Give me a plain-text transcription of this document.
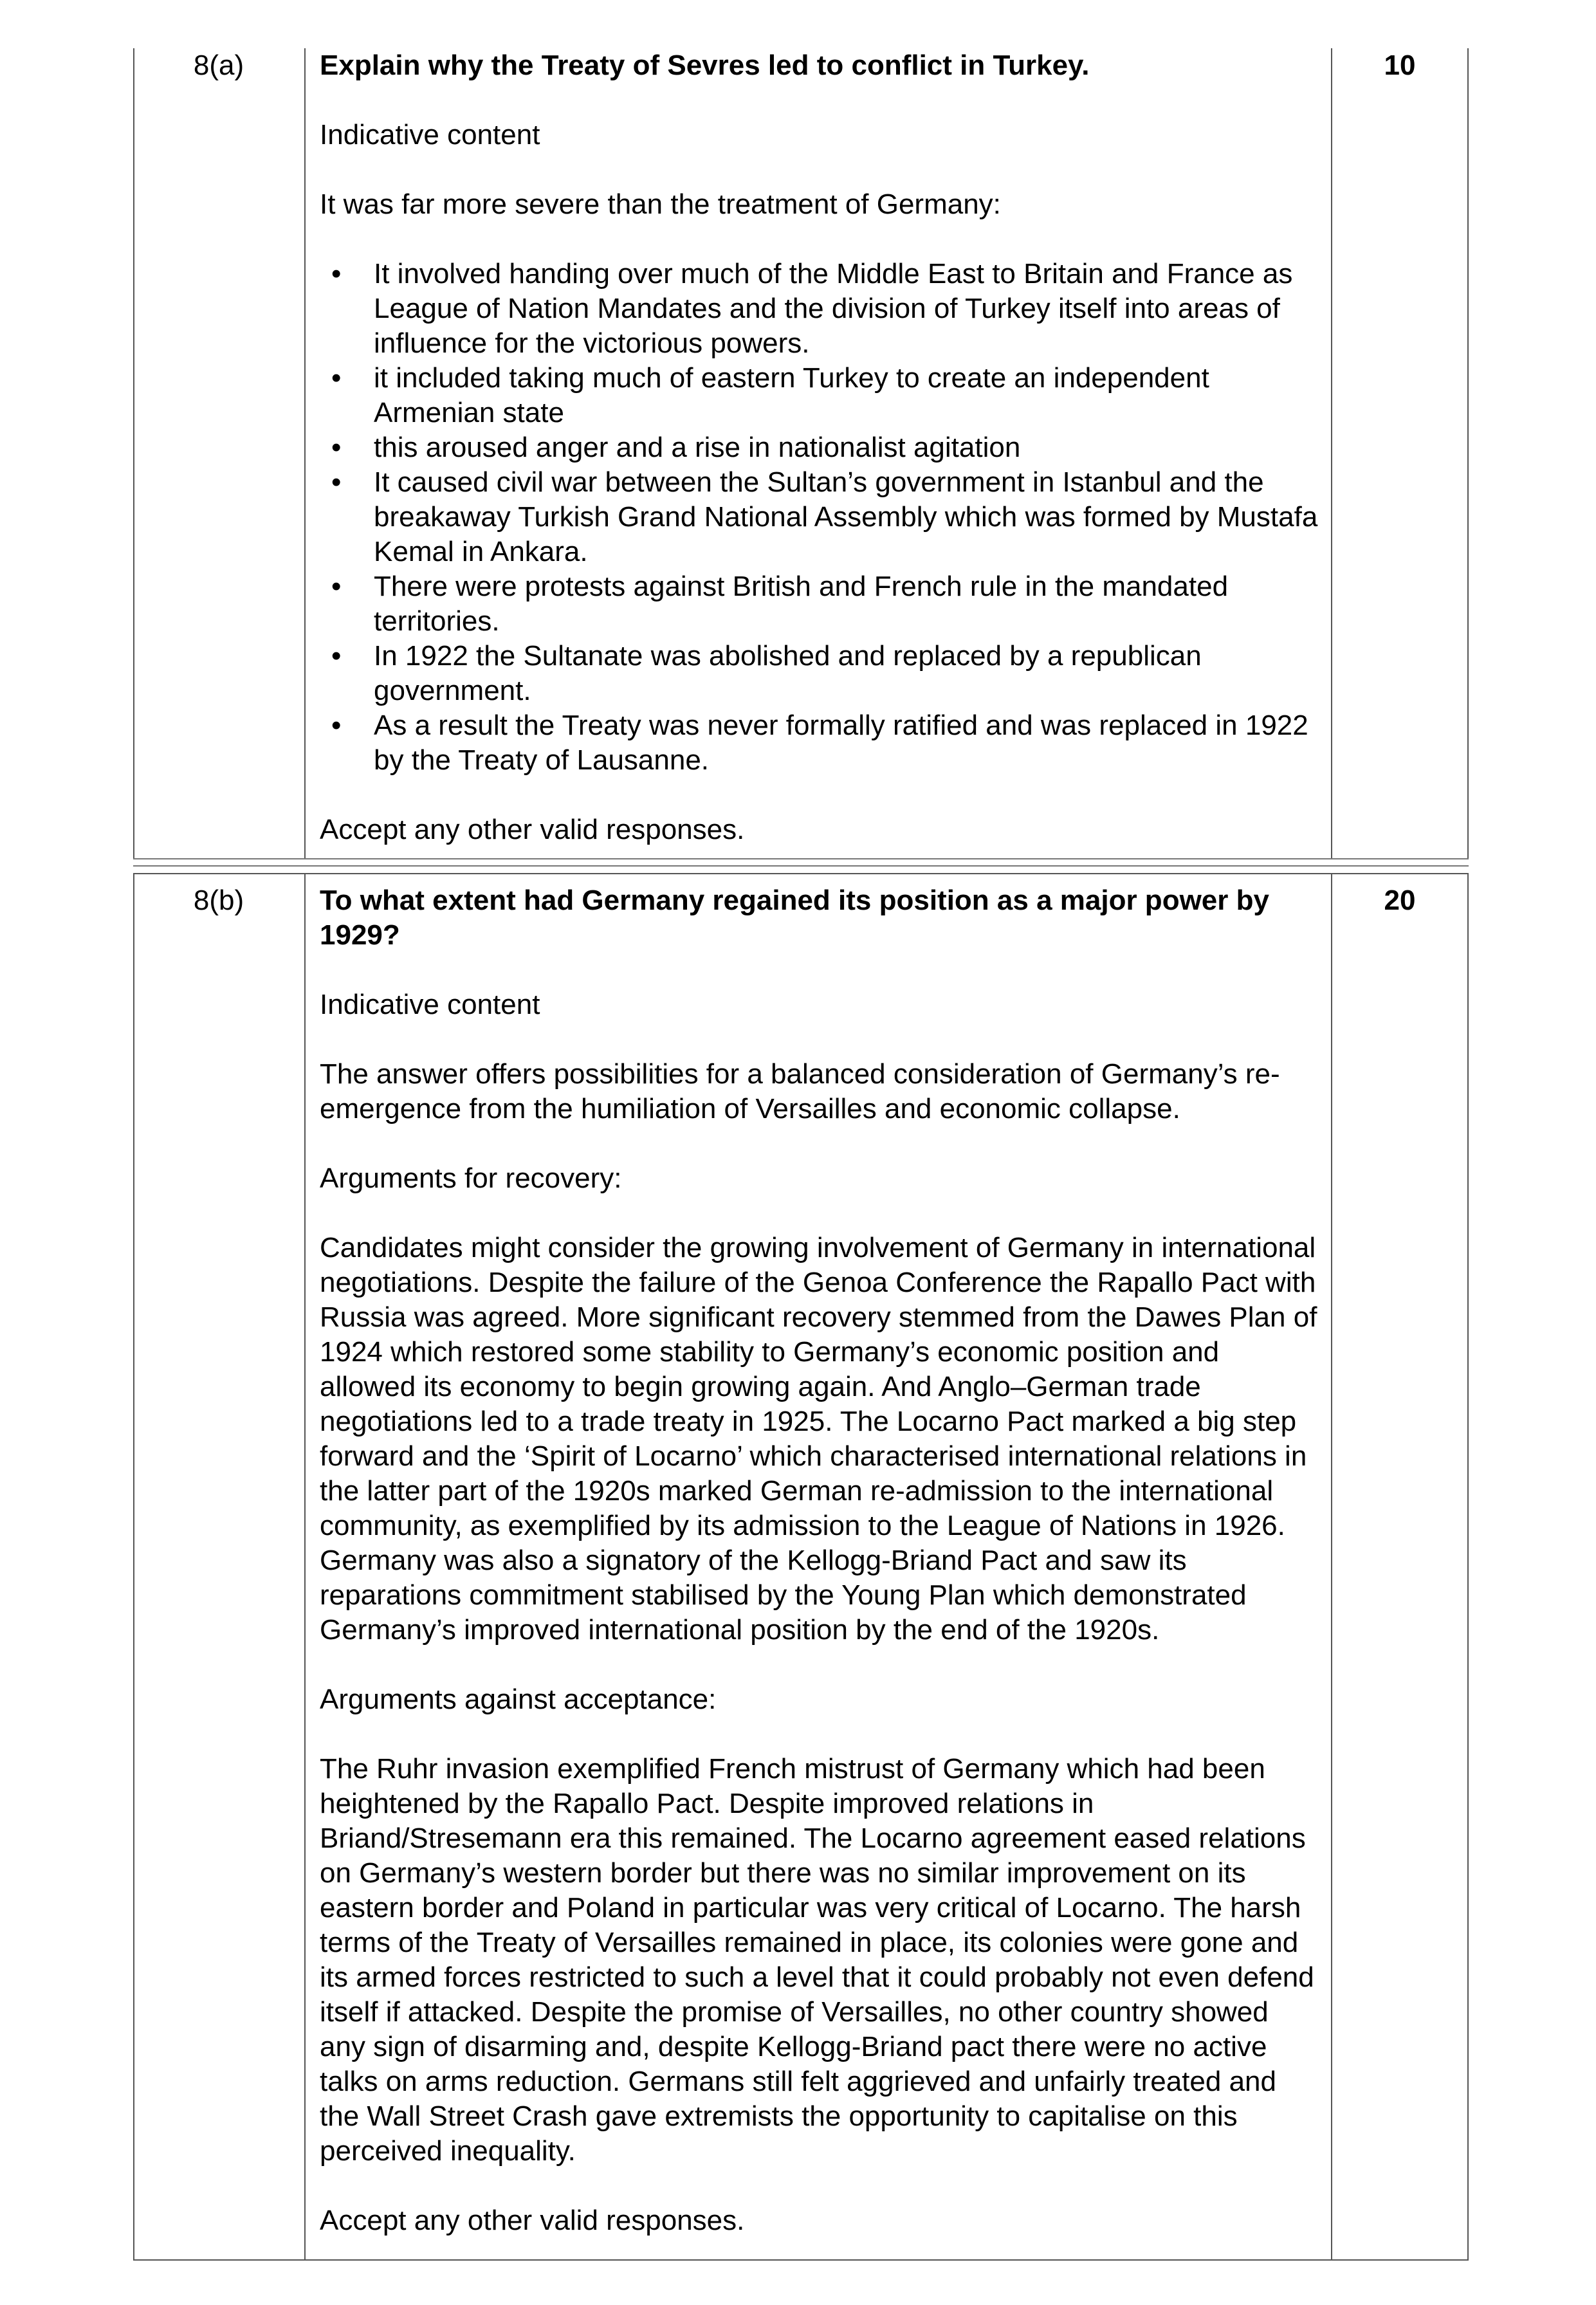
8(a)	Explain why the Treaty of Sevres led to conflict in Turkey.

Indicative content

It was far more severe than the treatment of Germany:

• It involved handing over much of the Middle East to Britain and France as League of Nation Mandates and the division of Turkey itself into areas of influence for the victorious powers.
• it included taking much of eastern Turkey to create an independent Armenian state
• this aroused anger and a rise in nationalist agitation
• It caused civil war between the Sultan’s government in Istanbul and the breakaway Turkish Grand National Assembly which was formed by Mustafa Kemal in Ankara.
• There were protests against British and French rule in the mandated territories.
• In 1922 the Sultanate was abolished and replaced by a republican government.
• As a result the Treaty was never formally ratified and was replaced in 1922 by the Treaty of Lausanne.

Accept any other valid responses.

10
8(b)	To what extent had Germany regained its position as a major power by 1929?

Indicative content

The answer offers possibilities for a balanced consideration of Germany’s re-emergence from the humiliation of Versailles and economic collapse.

Arguments for recovery:

Candidates might consider the growing involvement of Germany in international negotiations. Despite the failure of the Genoa Conference the Rapallo Pact with Russia was agreed. More significant recovery stemmed from the Dawes Plan of 1924 which restored some stability to Germany’s economic position and allowed its economy to begin growing again. And Anglo–German trade negotiations led to a trade treaty in 1925. The Locarno Pact marked a big step forward and the ‘Spirit of Locarno’ which characterised international relations in the latter part of the 1920s marked German re-admission to the international community, as exemplified by its admission to the League of Nations in 1926. Germany was also a signatory of the Kellogg-Briand Pact and saw its reparations commitment stabilised by the Young Plan which demonstrated Germany’s improved international position by the end of the 1920s.

Arguments against acceptance:

The Ruhr invasion exemplified French mistrust of Germany which had been heightened by the Rapallo Pact. Despite improved relations in Briand/Stresemann era this remained. The Locarno agreement eased relations on Germany’s western border but there was no similar improvement on its eastern border and Poland in particular was very critical of Locarno. The harsh terms of the Treaty of Versailles remained in place, its colonies were gone and its armed forces restricted to such a level that it could probably not even defend itself if attacked. Despite the promise of Versailles, no other country showed any sign of disarming and, despite Kellogg-Briand pact there were no active talks on arms reduction. Germans still felt aggrieved and unfairly treated and the Wall Street Crash gave extremists the opportunity to capitalise on this perceived inequality.

Accept any other valid responses.

20
